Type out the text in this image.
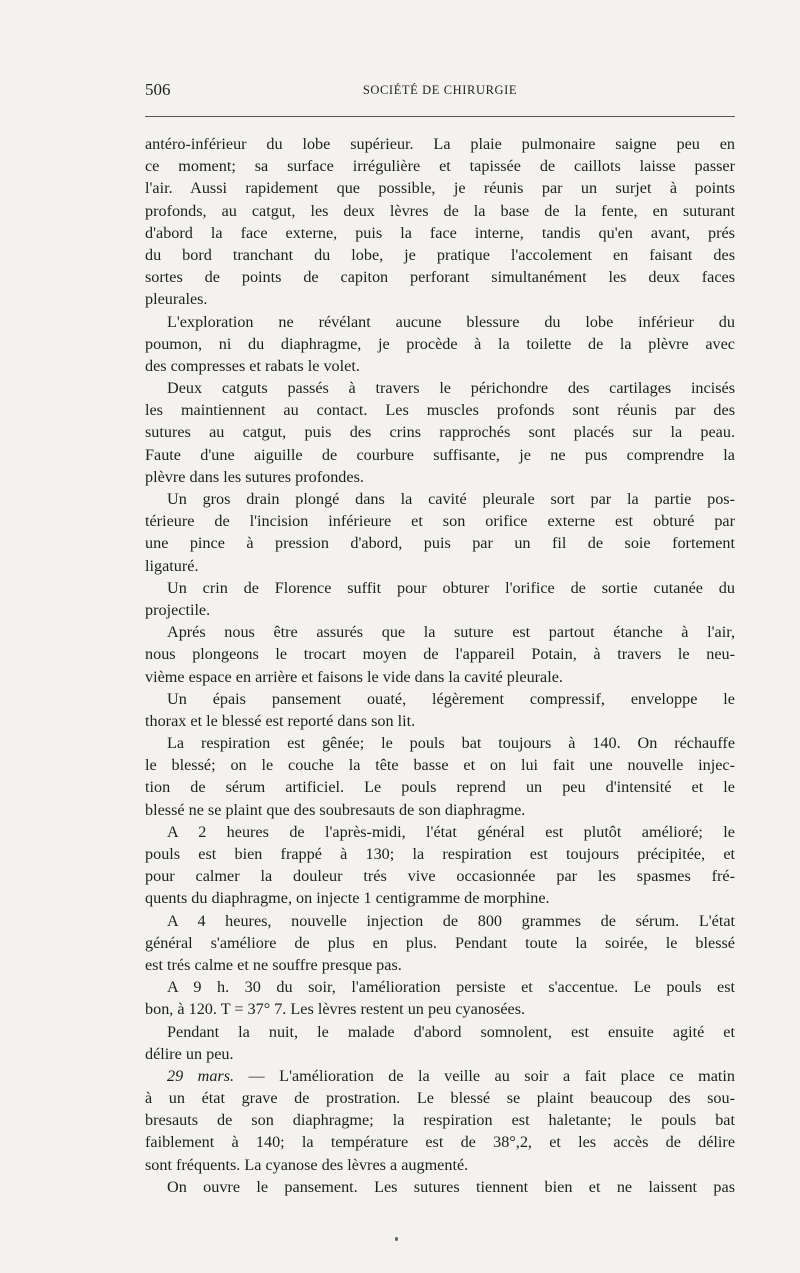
506	SOCIÉTÉ DE CHIRURGIE
antéro-inférieur du lobe supérieur. La plaie pulmonaire saigne peu en
ce moment; sa surface irrégulière et tapissée de caillots laisse passer
l'air. Aussi rapidement que possible, je réunis par un surjet à points
profonds, au catgut, les deux lèvres de la base de la fente, en suturant
d'abord la face externe, puis la face interne, tandis qu'en avant, prés
du bord tranchant du lobe, je pratique l'accolement en faisant des
sortes de points de capiton perforant simultanément les deux faces
pleurales.
L'exploration ne révélant aucune blessure du lobe inférieur du
poumon, ni du diaphragme, je procède à la toilette de la plèvre avec
des compresses et rabats le volet.
Deux catguts passés à travers le périchondre des cartilages incisés
les maintiennent au contact. Les muscles profonds sont réunis par des
sutures au catgut, puis des crins rapprochés sont placés sur la peau.
Faute d'une aiguille de courbure suffisante, je ne pus comprendre la
plèvre dans les sutures profondes.
Un gros drain plongé dans la cavité pleurale sort par la partie pos-
térieure de l'incision inférieure et son orifice externe est obturé par
une pince à pression d'abord, puis par un fil de soie fortement
ligaturé.
Un crin de Florence suffit pour obturer l'orifice de sortie cutanée du
projectile.
Aprés nous être assurés que la suture est partout étanche à l'air,
nous plongeons le trocart moyen de l'appareil Potain, à travers le neu-
vième espace en arrière et faisons le vide dans la cavité pleurale.
Un épais pansement ouaté, légèrement compressif, enveloppe le
thorax et le blessé est reporté dans son lit.
La respiration est gênée; le pouls bat toujours à 140. On réchauffe
le blessé; on le couche la tête basse et on lui fait une nouvelle injec-
tion de sérum artificiel. Le pouls reprend un peu d'intensité et le
blessé ne se plaint que des soubresauts de son diaphragme.
A 2 heures de l'après-midi, l'état général est plutôt amélioré; le
pouls est bien frappé à 130; la respiration est toujours précipitée, et
pour calmer la douleur trés vive occasionnée par les spasmes fré-
quents du diaphragme, on injecte 1 centigramme de morphine.
A 4 heures, nouvelle injection de 800 grammes de sérum. L'état
général s'améliore de plus en plus. Pendant toute la soirée, le blessé
est trés calme et ne souffre presque pas.
A 9 h. 30 du soir, l'amélioration persiste et s'accentue. Le pouls est
bon, à 120. T = 37° 7. Les lèvres restent un peu cyanosées.
Pendant la nuit, le malade d'abord somnolent, est ensuite agité et
délire un peu.
29 mars. — L'amélioration de la veille au soir a fait place ce matin
à un état grave de prostration. Le blessé se plaint beaucoup des sou-
bresauts de son diaphragme; la respiration est haletante; le pouls bat
faiblement à 140; la température est de 38°,2, et les accès de délire
sont fréquents. La cyanose des lèvres a augmenté.
On ouvre le pansement. Les sutures tiennent bien et ne laissent pas
